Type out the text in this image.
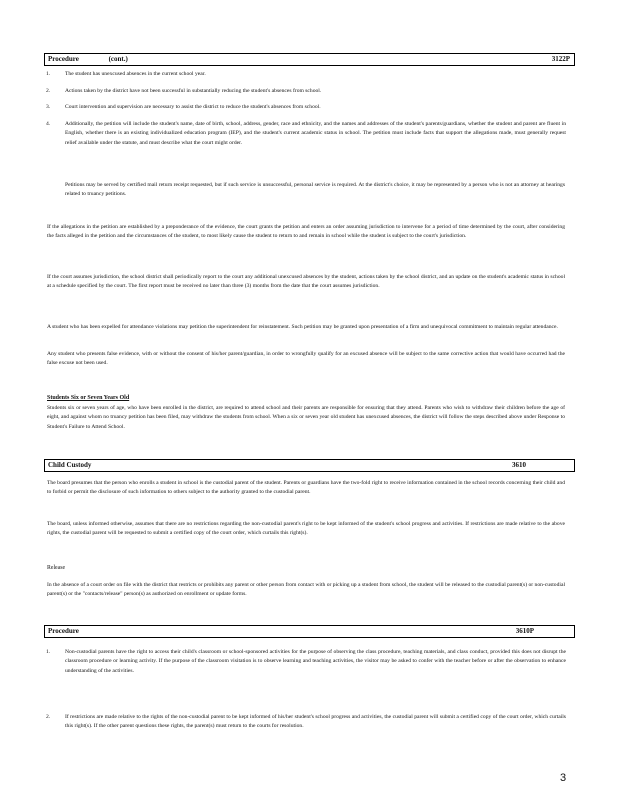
Procedure	(cont.)	3122P
1.	The student has unexcused absences in the current school year.
2.	Actions taken by the district have not been successful in substantially reducing the student's absences from school.
3.	Court intervention and supervision are necessary to assist the district to reduce the student's absences from school.
4.	Additionally, the petition will include the student's name, date of birth, school, address, gender, race and ethnicity, and the names and addresses of the student's parents/guardians, whether the student and parent are fluent in English, whether there is an existing individualized education program (IEP), and the student's current academic status in school. The petition must include facts that support the allegations made, must generally request relief available under the statute, and must describe what the court might order.
Petitions may be served by certified mail return receipt requested, but if such service is unsuccessful, personal service is required. At the district's choice, it may be represented by a person who is not an attorney at hearings related to truancy petitions.
If the allegations in the petition are established by a preponderance of the evidence, the court grants the petition and enters an order assuming jurisdiction to intervene for a period of time determined by the court, after considering the facts alleged in the petition and the circumstances of the student, to most likely cause the student to return to and remain in school while the student is subject to the court's jurisdiction.
If the court assumes jurisdiction, the school district shall periodically report to the court any additional unexcused absences by the student, actions taken by the school district, and an update on the student's academic status in school at a schedule specified by the court. The first report must be received no later than three (3) months from the date that the court assumes jurisdiction.
A student who has been expelled for attendance violations may petition the superintendent for reinstatement. Such petition may be granted upon presentation of a firm and unequivocal commitment to maintain regular attendance.
Any student who presents false evidence, with or without the consent of his/her parent/guardian, in order to wrongfully qualify for an excused absence will be subject to the same corrective action that would have occurred had the false excuse not been used.
Students Six or Seven Years Old
Students six or seven years of age, who have been enrolled in the district, are required to attend school and their parents are responsible for ensuring that they attend. Parents who wish to withdraw their children before the age of eight, and against whom no truancy petition has been filed, may withdraw the students from school. When a six or seven year old student has unexcused absences, the district will follow the steps described above under Response to Student's Failure to Attend School.
Child Custody	3610
The board presumes that the person who enrolls a student in school is the custodial parent of the student. Parents or guardians have the two-fold right to receive information contained in the school records concerning their child and to forbid or permit the disclosure of such information to others subject to the authority granted to the custodial parent.
The board, unless informed otherwise, assumes that there are no restrictions regarding the non-custodial parent's right to be kept informed of the student's school progress and activities. If restrictions are made relative to the above rights, the custodial parent will be requested to submit a certified copy of the court order, which curtails this right(s).
Release
In the absence of a court order on file with the district that restricts or prohibits any parent or other person from contact with or picking up a student from school, the student will be released to the custodial parent(s) or non-custodial parent(s) or the "contacts/release" person(s) as authorized on enrollment or update forms.
Procedure	3610P
1.	Non-custodial parents have the right to access their child's classroom or school-sponsored activities for the purpose of observing the class procedure, teaching materials, and class conduct, provided this does not disrupt the classroom procedure or learning activity. If the purpose of the classroom visitation is to observe learning and teaching activities, the visitor may be asked to confer with the teacher before or after the observation to enhance understanding of the activities.
2.	If restrictions are made relative to the rights of the non-custodial parent to be kept informed of his/her student's school progress and activities, the custodial parent will submit a certified copy of the court order, which curtails this right(s). If the other parent questions these rights, the parent(s) must return to the courts for resolution.
3
